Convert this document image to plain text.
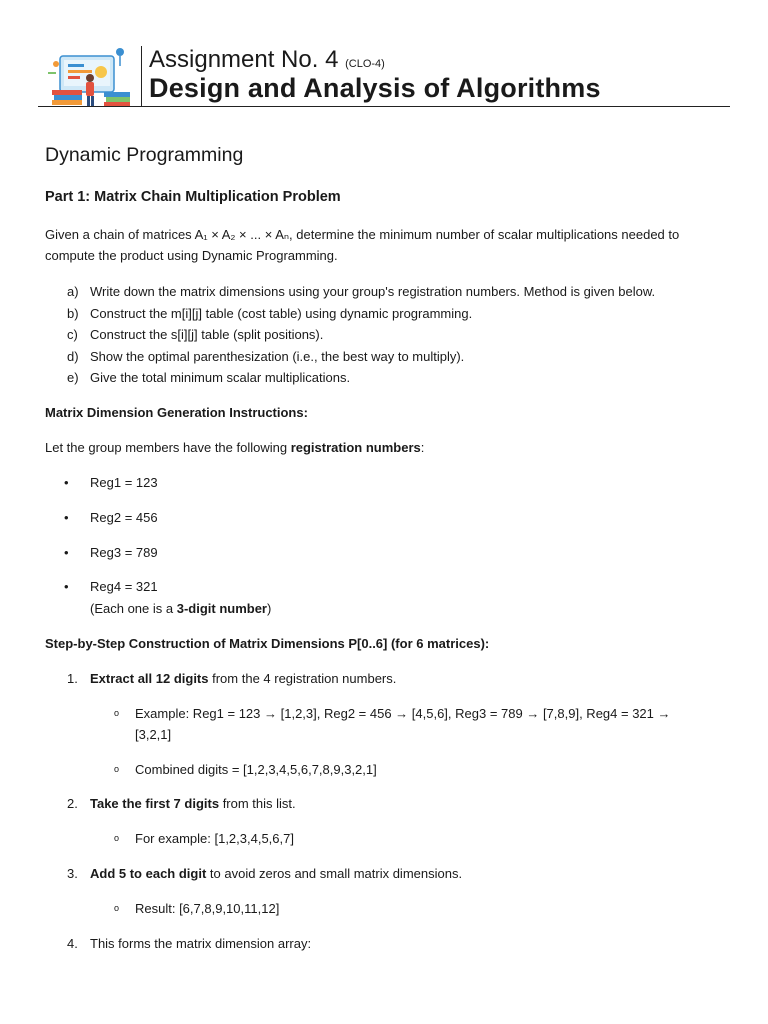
Assignment No. 4 (CLO-4)
Design and Analysis of Algorithms
Dynamic Programming
Part 1: Matrix Chain Multiplication Problem
Given a chain of matrices A₁ × A₂ × ... × Aₙ, determine the minimum number of scalar multiplications needed to
compute the product using Dynamic Programming.
a) Write down the matrix dimensions using your group's registration numbers. Method is given below.
b) Construct the m[i][j] table (cost table) using dynamic programming.
c) Construct the s[i][j] table (split positions).
d) Show the optimal parenthesization (i.e., the best way to multiply).
e) Give the total minimum scalar multiplications.
Matrix Dimension Generation Instructions:
Let the group members have the following registration numbers:
• Reg1 = 123
• Reg2 = 456
• Reg3 = 789
• Reg4 = 321
(Each one is a 3-digit number)
Step-by-Step Construction of Matrix Dimensions P[0..6] (for 6 matrices):
1. Extract all 12 digits from the 4 registration numbers.
o Example: Reg1 = 123 → [1,2,3], Reg2 = 456 → [4,5,6], Reg3 = 789 → [7,8,9], Reg4 = 321 →
[3,2,1]
o Combined digits = [1,2,3,4,5,6,7,8,9,3,2,1]
2. Take the first 7 digits from this list.
o For example: [1,2,3,4,5,6,7]
3. Add 5 to each digit to avoid zeros and small matrix dimensions.
o Result: [6,7,8,9,10,11,12]
4. This forms the matrix dimension array:
